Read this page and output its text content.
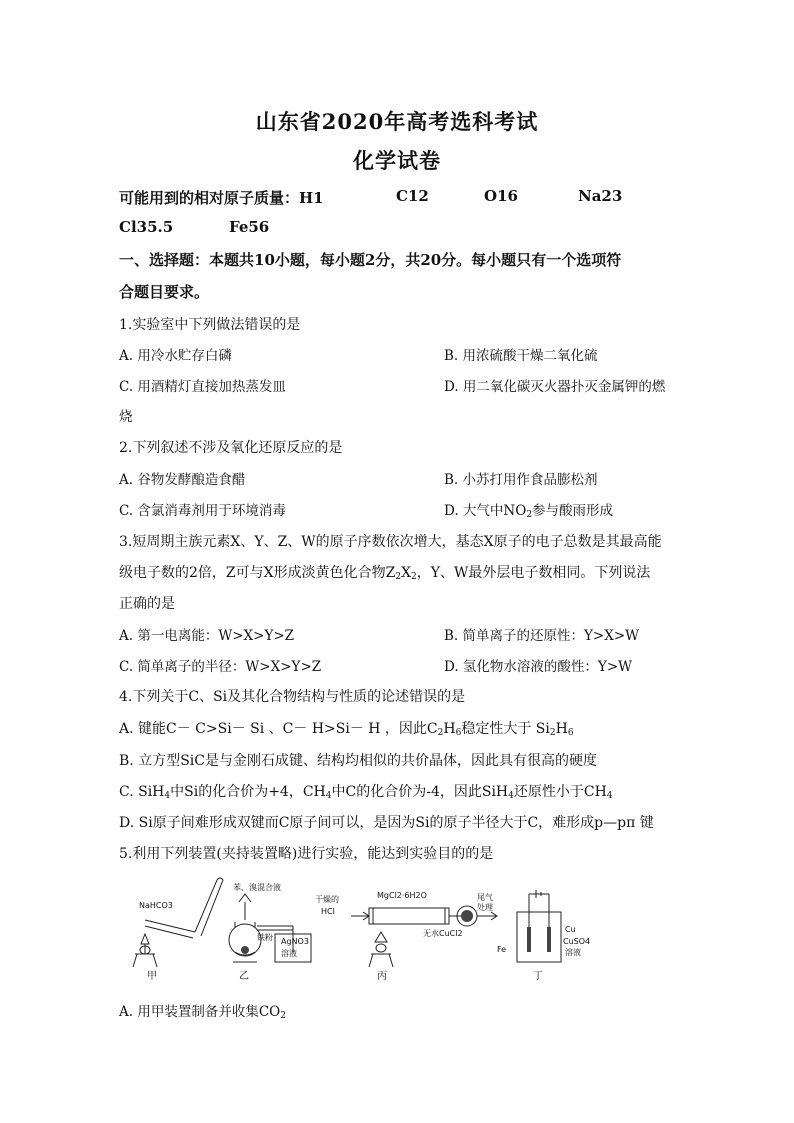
山东省2020年高考选科考试
化学试卷
可能用到的相对原子质量：H1	C12	O16	Na23
Cl35.5	Fe56
一、选择题：本题共10小题，每小题2分，共20分。每小题只有一个选项符
合题目要求。
1.实验室中下列做法错误的是
A. 用冷水贮存白磷	B. 用浓硫酸干燥二氧化硫
C. 用酒精灯直接加热蒸发皿	D. 用二氧化碳灭火器扑灭金属钾的燃
烧
2.下列叙述不涉及氧化还原反应的是
A. 谷物发酵酿造食醋	B. 小苏打用作食品膨松剂
C. 含氯消毒剂用于环境消毒	D. 大气中$NO_2$参与酸雨形成
3.短周期主族元素X、Y、Z、W的原子序数依次增大，基态X原子的电子总数是其最高能
级电子数的2倍，Z可与X形成淡黄色化合物$Z_2X_2$，Y、W最外层电子数相同。下列说法
正确的是
A. 第一电离能：W>X>Y>Z	B. 简单离子的还原性：Y>X>W
C. 简单离子的半径：W>X>Y>Z	D. 氢化物水溶液的酸性：Y>W
4.下列关于C、Si及其化合物结构与性质的论述错误的是
A. 键能C－ C>Si－ Si 、C－ H>Si－ H ，因此$C_2H_6$稳定性大于 $Si_2H_6$
B. 立方型SiC是与金刚石成键、结构均相似的共价晶体，因此具有很高的硬度
C. SiH$_4$中Si的化合价为+4，$CH_4$中C的化合价为-4，因此SiH$_4$还原性小于$CH_4$
D. Si原子间难形成双键而C原子间可以，是因为Si的原子半径大于C，难形成p—pπ 键
5.利用下列装置(夹持装置略)进行实验，能达到实验目的的是
NaHCO3
苯、溴混合液
铁粉 AgNO3
溶液
干燥的
HCl
MgCl2·6H2O
无水CuCl2
尾气
处理
Cu
Fe
CuSO4
溶液
甲	乙	丙	丁
A. 用甲装置制备并收集$CO_2$
